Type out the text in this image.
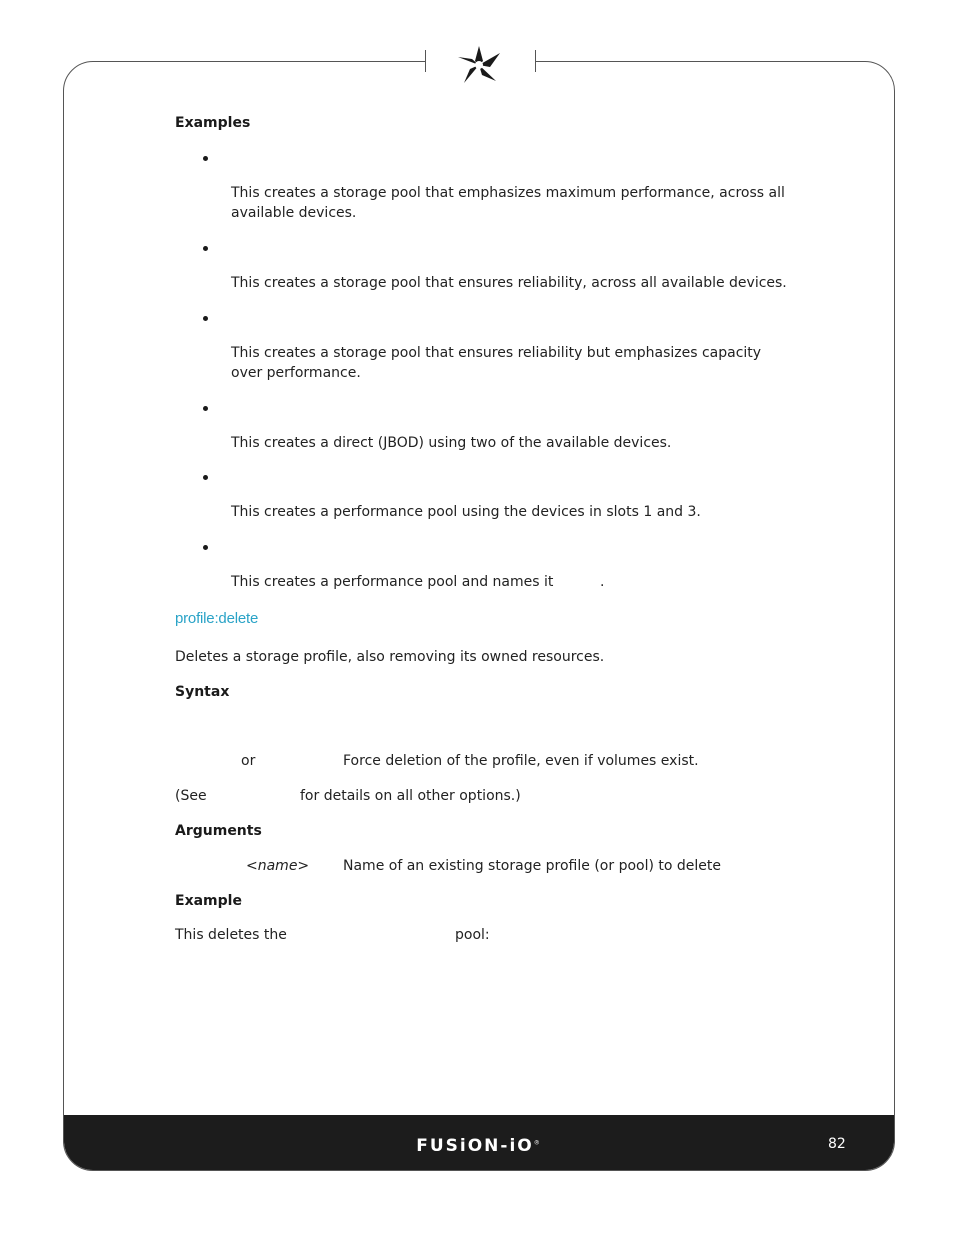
Examples
This creates a storage pool that emphasizes maximum performance, across all available devices.
This creates a storage pool that ensures reliability, across all available devices.
This creates a storage pool that ensures reliability but emphasizes capacity over performance.
This creates a direct (JBOD) using two of the available devices.
This creates a performance pool using the devices in slots 1 and 3.
This creates a performance pool and names it	.
profile:delete
Deletes a storage profile, also removing its owned resources.
Syntax
or	Force deletion of the profile, even if volumes exist.
(See	for details on all other options.)
Arguments
<name> Name of an existing storage profile (or pool) to delete
Example
This deletes the	pool:
FUSiON-iO®	82
